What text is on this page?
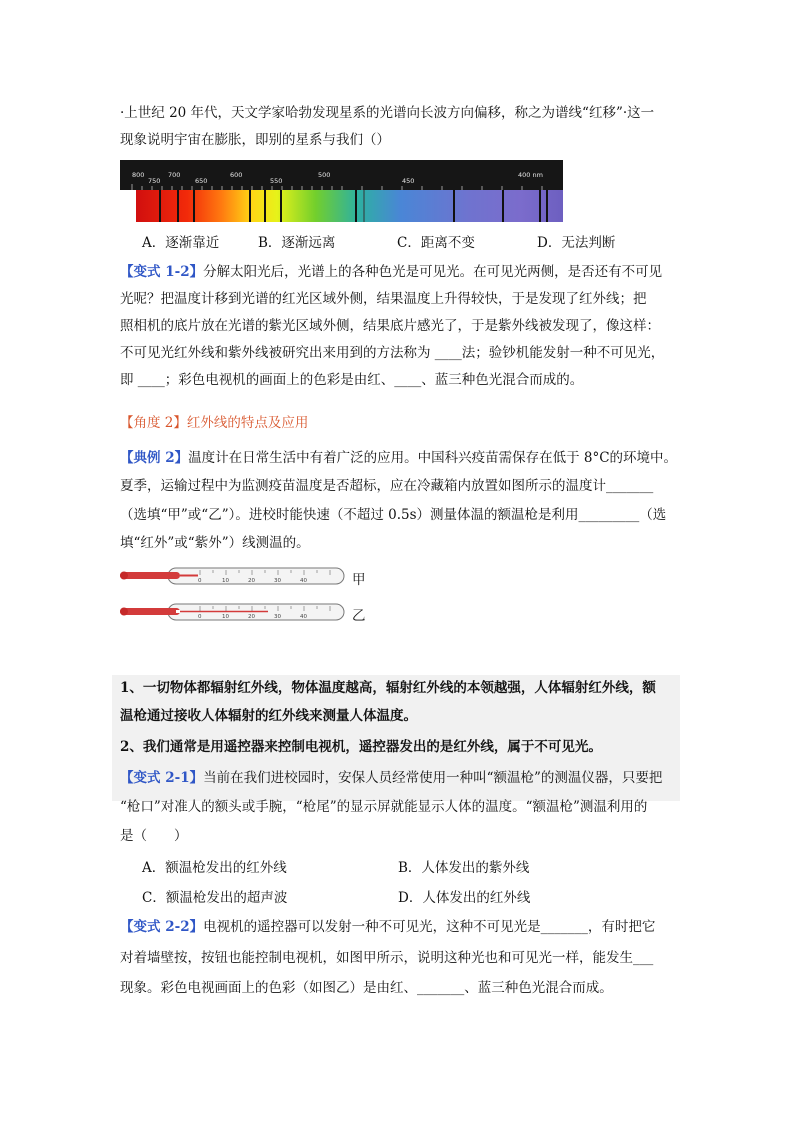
·上世纪 20 年代，天文学家哈勃发现星系的光谱向长波方向偏移，称之为谱线“红移”·这一
现象说明宇宙在膨胀，即别的星系与我们（）
800
750
700
650
600
550
500
450
400 nm
A．逐渐靠近	B．逐渐远离	C．距离不变	D．无法判断
【变式 1-2】分解太阳光后，光谱上的各种色光是可见光。在可见光两侧，是否还有不可见
光呢？把温度计移到光谱的红光区域外侧，结果温度上升得较快，于是发现了红外线；把
照相机的底片放在光谱的紫光区域外侧，结果底片感光了，于是紫外线被发现了，像这样：
不可见光红外线和紫外线被研究出来用到的方法称为 ____法；验钞机能发射一种不可见光，
即 ____；彩色电视机的画面上的色彩是由红、____、蓝三种色光混合而成的。
【角度 2】红外线的特点及应用
【典例 2】温度计在日常生活中有着广泛的应用。中国科兴疫苗需保存在低于 8°C的环境中。
夏季，运输过程中为监测疫苗温度是否超标，应在冷藏箱内放置如图所示的温度计_______
（选填“甲”或“乙”）。进校时能快速（不超过 0.5s）测量体温的额温枪是利用_________（选
填“红外”或“紫外”）线测温的。
0	10	20	30	40	甲
0	10	20	30	40	乙
1、一切物体都辐射红外线，物体温度越高，辐射红外线的本领越强，人体辐射红外线，额
温枪通过接收人体辐射的红外线来测量人体温度。
2、我们通常是用遥控器来控制电视机，遥控器发出的是红外线，属于不可见光。
【变式 2-1】当前在我们进校园时，安保人员经常使用一种叫“额温枪”的测温仪器，只要把
“枪口”对准人的额头或手腕，“枪尾”的显示屏就能显示人体的温度。“额温枪”测温利用的
是（　　）
A．额温枪发出的红外线	B．人体发出的紫外线
C．额温枪发出的超声波	D．人体发出的红外线
【变式 2-2】电视机的遥控器可以发射一种不可见光，这种不可见光是_______，有时把它
对着墙壁按，按钮也能控制电视机，如图甲所示，说明这种光也和可见光一样，能发生___
现象。彩色电视画面上的色彩（如图乙）是由红、_______、蓝三种色光混合而成。
